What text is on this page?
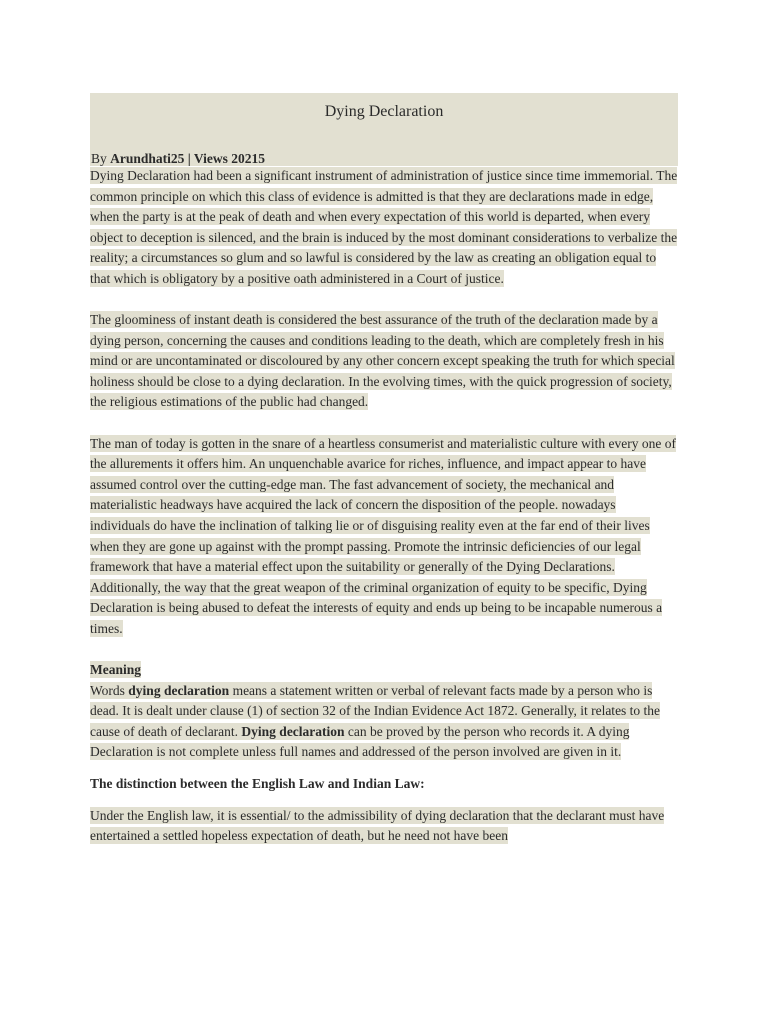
Dying Declaration
By Arundhati25 | Views 20215

Dying Declaration had been a significant instrument of administration of justice since time immemorial. The common principle on which this class of evidence is admitted is that they are declarations made in edge, when the party is at the peak of death and when every expectation of this world is departed, when every object to deception is silenced, and the brain is induced by the most dominant considerations to verbalize the reality; a circumstances so glum and so lawful is considered by the law as creating an obligation equal to that which is obligatory by a positive oath administered in a Court of justice.

The gloominess of instant death is considered the best assurance of the truth of the declaration made by a dying person, concerning the causes and conditions leading to the death, which are completely fresh in his mind or are uncontaminated or discoloured by any other concern except speaking the truth for which special holiness should be close to a dying declaration. In the evolving times, with the quick progression of society, the religious estimations of the public had changed.

The man of today is gotten in the snare of a heartless consumerist and materialistic culture with every one of the allurements it offers him. An unquenchable avarice for riches, influence, and impact appear to have assumed control over the cutting-edge man. The fast advancement of society, the mechanical and materialistic headways have acquired the lack of concern the disposition of the people. nowadays individuals do have the inclination of talking lie or of disguising reality even at the far end of their lives when they are gone up against with the prompt passing. Promote the intrinsic deficiencies of our legal framework that have a material effect upon the suitability or generally of the Dying Declarations. Additionally, the way that the great weapon of the criminal organization of equity to be specific, Dying Declaration is being abused to defeat the interests of equity and ends up being to be incapable numerous a times.

Meaning

Words dying declaration means a statement written or verbal of relevant facts made by a person who is dead. It is dealt under clause (1) of section 32 of the Indian Evidence Act 1872. Generally, it relates to the cause of death of declarant. Dying declaration can be proved by the person who records it. A dying Declaration is not complete unless full names and addressed of the person involved are given in it.

The distinction between the English Law and Indian Law:

Under the English law, it is essential/ to the admissibility of dying declaration that the declarant must have entertained a settled hopeless expectation of death, but he need not have been
